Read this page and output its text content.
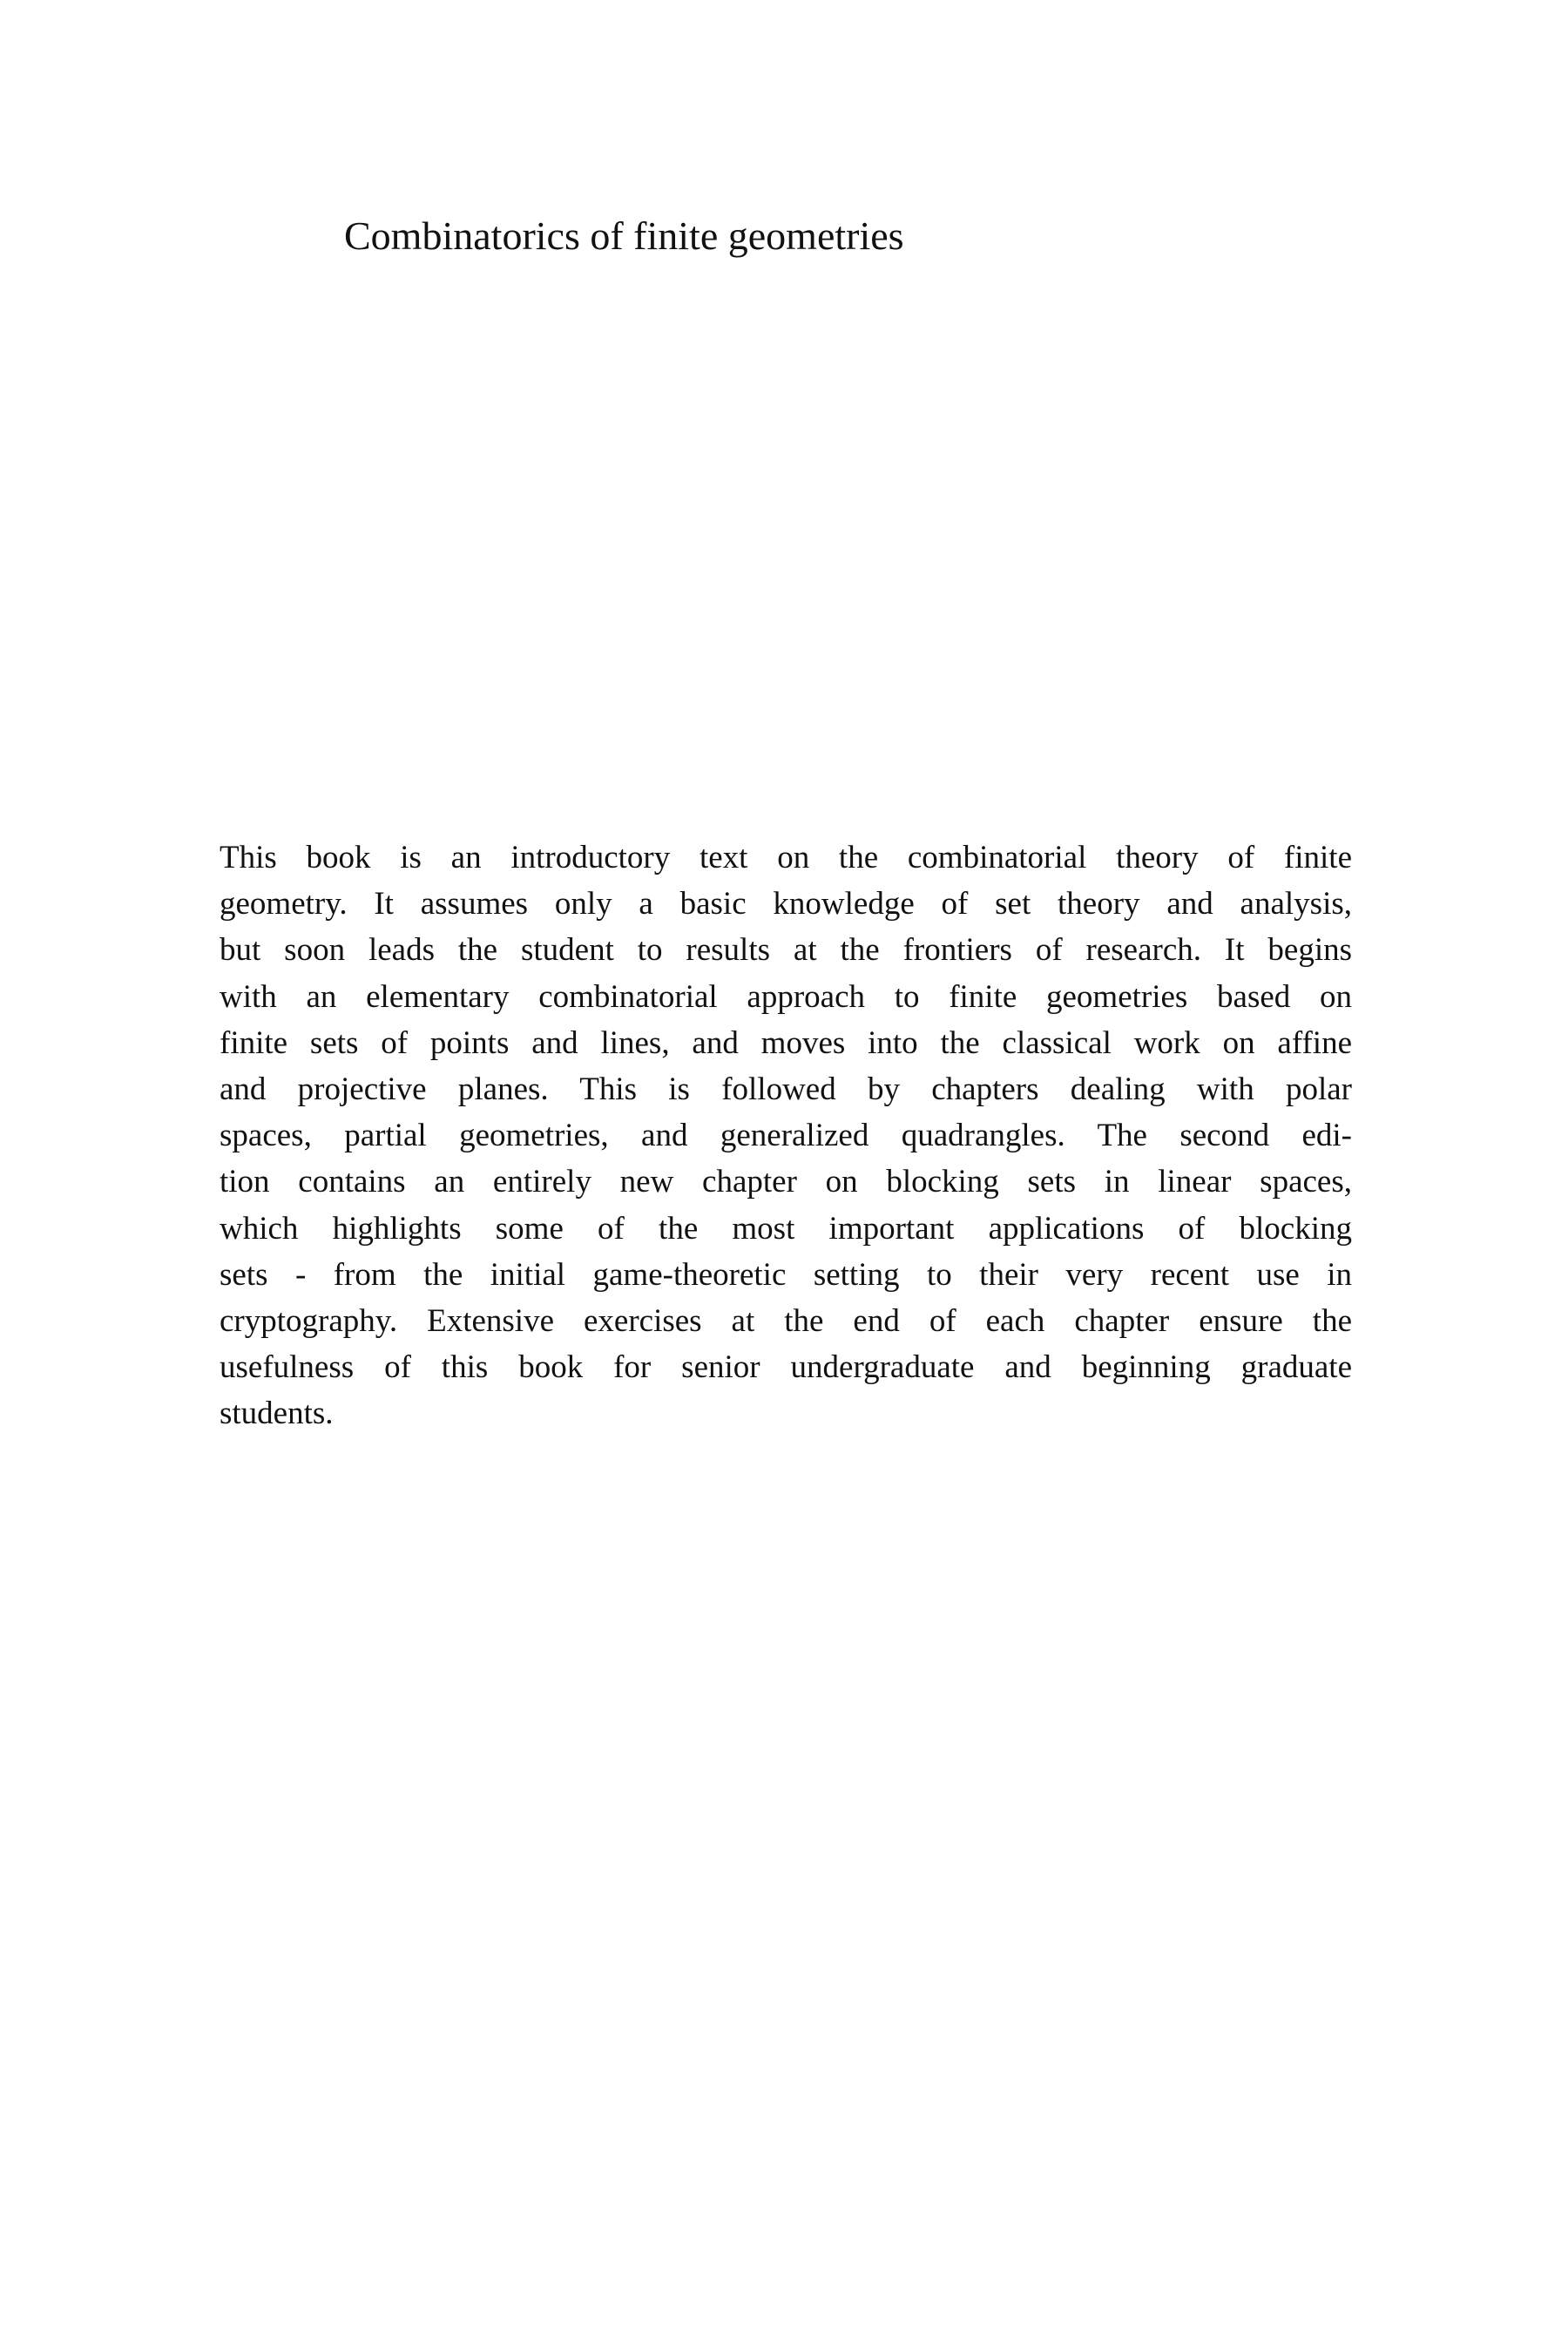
Combinatorics of finite geometries
This book is an introductory text on the combinatorial theory of finite
geometry. It assumes only a basic knowledge of set theory and analysis,
but soon leads the student to results at the frontiers of research. It begins
with an elementary combinatorial approach to finite geometries based on
finite sets of points and lines, and moves into the classical work on affine
and projective planes. This is followed by chapters dealing with polar
spaces, partial geometries, and generalized quadrangles. The second edi-
tion contains an entirely new chapter on blocking sets in linear spaces,
which highlights some of the most important applications of blocking
sets - from the initial game-theoretic setting to their very recent use in
cryptography. Extensive exercises at the end of each chapter ensure the
usefulness of this book for senior undergraduate and beginning graduate
students.
